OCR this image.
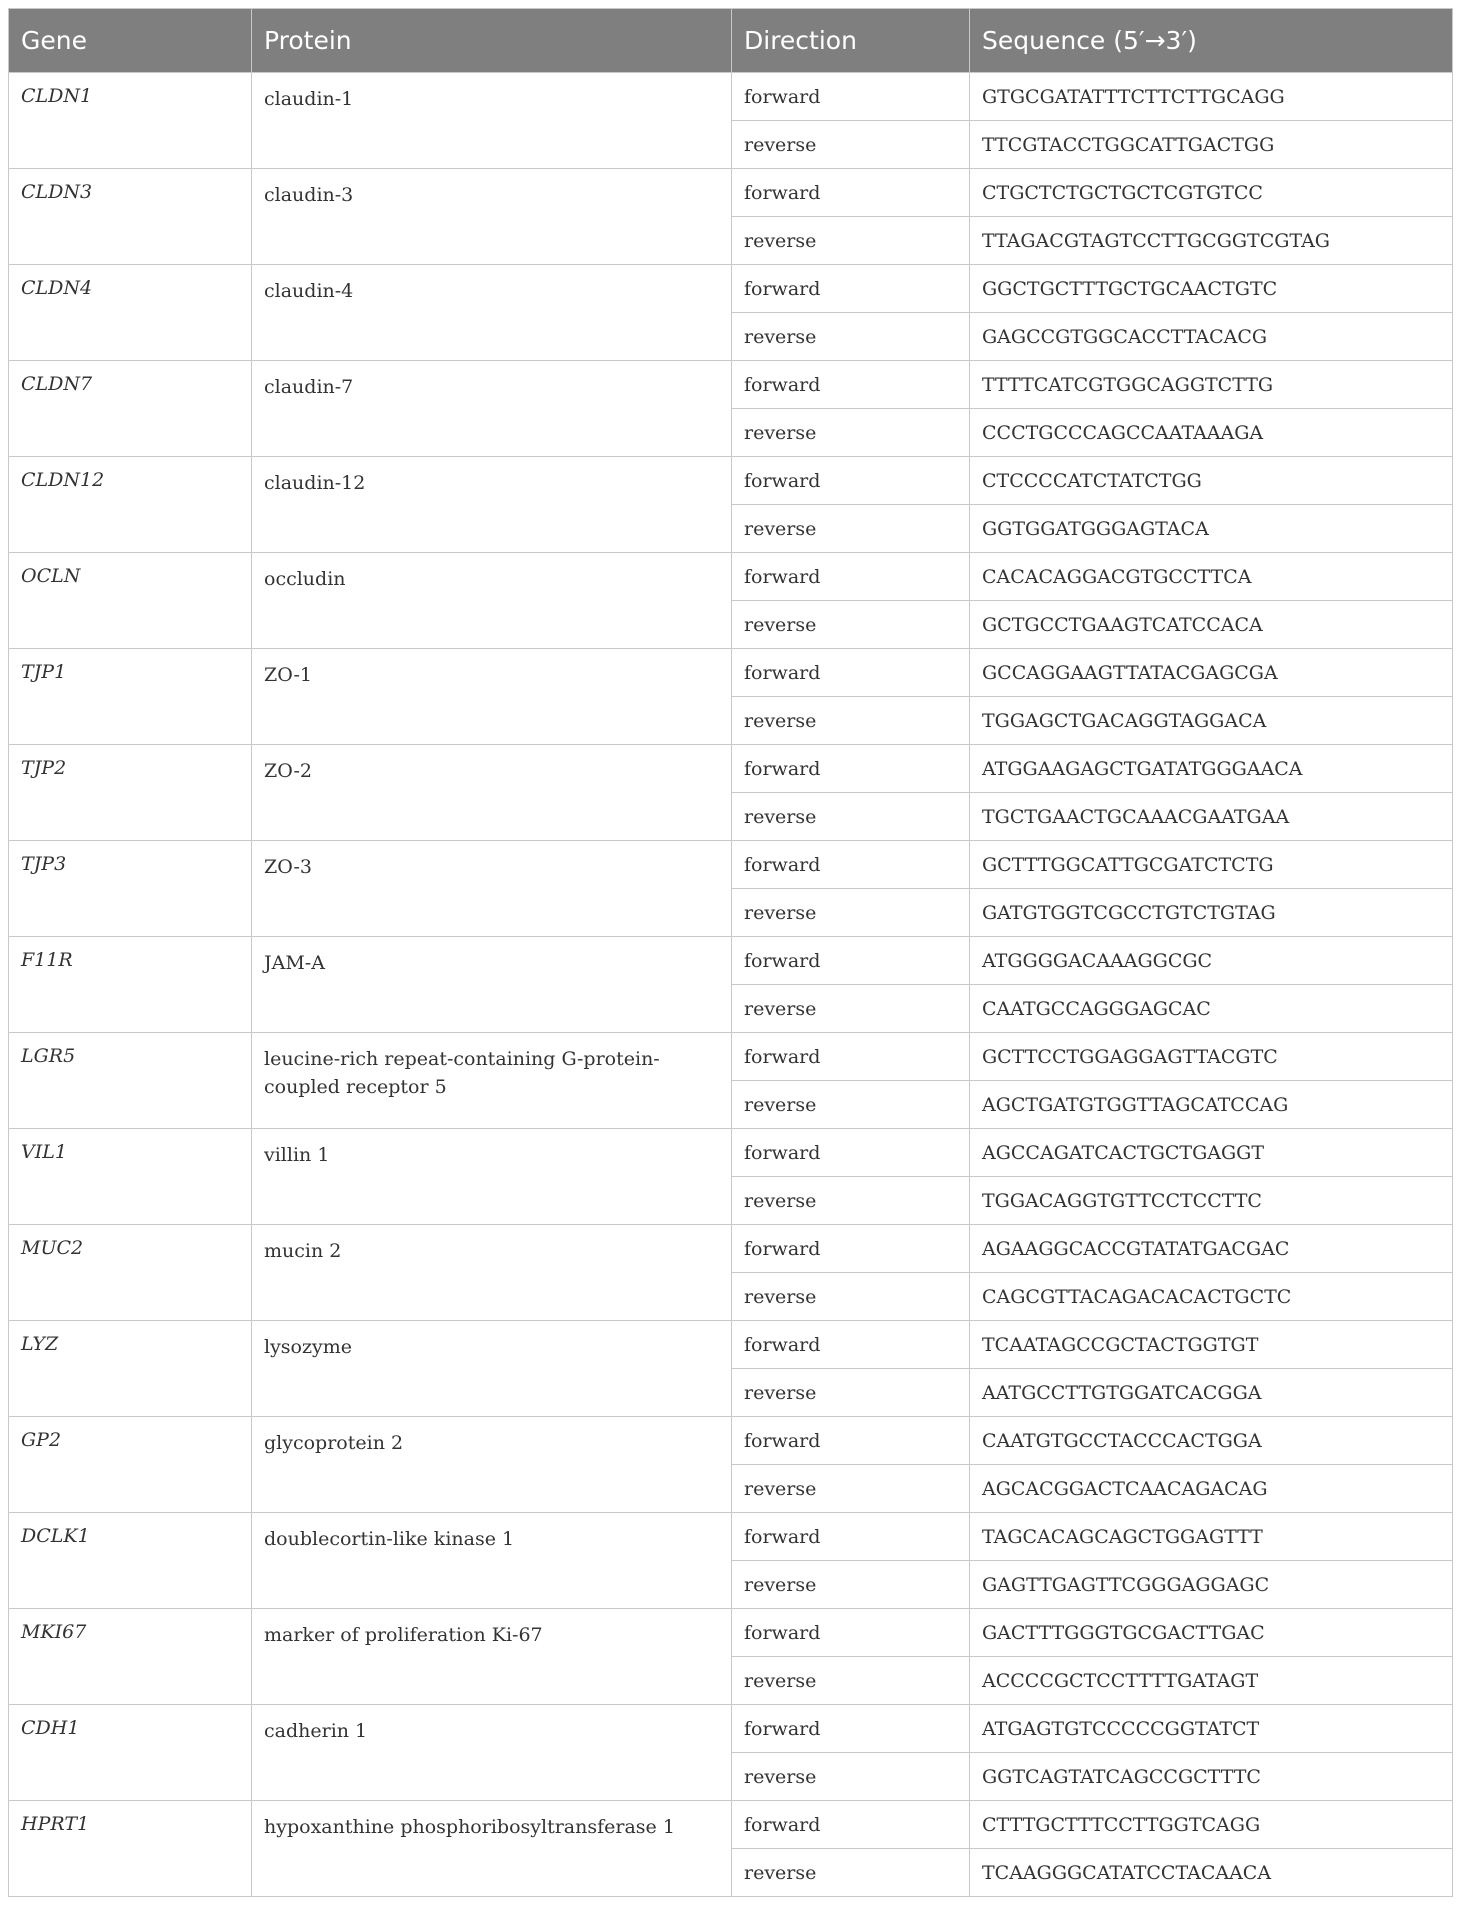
Gene	Protein	Direction	Sequence (5′→3′)
CLDN1	claudin-1	forward	GTGCGATATTTCTTCTTGCAGG
		reverse	TTCGTACCTGGCATTGACTGG
CLDN3	claudin-3	forward	CTGCTCTGCTGCTCGTGTCC
		reverse	TTAGACGTAGTCCTTGCGGTCGTAG
CLDN4	claudin-4	forward	GGCTGCTTTGCTGCAACTGTC
		reverse	GAGCCGTGGCACCTTACACG
CLDN7	claudin-7	forward	TTTTCATCGTGGCAGGTCTTG
		reverse	CCCTGCCCAGCCAATAAAGA
CLDN12	claudin-12	forward	CTCCCCATCTATCTGG
		reverse	GGTGGATGGGAGTACA
OCLN	occludin	forward	CACACAGGACGTGCCTTCA
		reverse	GCTGCCTGAAGTCATCCACA
TJP1	ZO-1	forward	GCCAGGAAGTTATACGAGCGA
		reverse	TGGAGCTGACAGGTAGGACA
TJP2	ZO-2	forward	ATGGAAGAGCTGATATGGGAACA
		reverse	TGCTGAACTGCAAACGAATGAA
TJP3	ZO-3	forward	GCTTTGGCATTGCGATCTCTG
		reverse	GATGTGGTCGCCTGTCTGTAG
F11R	JAM-A	forward	ATGGGGACAAAGGCGC
		reverse	CAATGCCAGGGAGCAC
LGR5	leucine-rich repeat-containing G-protein-coupled receptor 5	forward	GCTTCCTGGAGGAGTTACGTC
		reverse	AGCTGATGTGGTTAGCATCCAG
VIL1	villin 1	forward	AGCCAGATCACTGCTGAGGT
		reverse	TGGACAGGTGTTCCTCCTTC
MUC2	mucin 2	forward	AGAAGGCACCGTATATGACGAC
		reverse	CAGCGTTACAGACACACTGCTC
LYZ	lysozyme	forward	TCAATAGCCGCTACTGGTGT
		reverse	AATGCCTTGTGGATCACGGA
GP2	glycoprotein 2	forward	CAATGTGCCTACCCACTGGA
		reverse	AGCACGGACTCAACAGACAG
DCLK1	doublecortin-like kinase 1	forward	TAGCACAGCAGCTGGAGTTT
		reverse	GAGTTGAGTTCGGGAGGAGC
MKI67	marker of proliferation Ki-67	forward	GACTTTGGGTGCGACTTGAC
		reverse	ACCCCGCTCCTTTTGATAGT
CDH1	cadherin 1	forward	ATGAGTGTCCCCCGGTATCT
		reverse	GGTCAGTATCAGCCGCTTTC
HPRT1	hypoxanthine phosphoribosyltransferase 1	forward	CTTTGCTTTCCTTGGTCAGG
		reverse	TCAAGGGCATATCCTACAACA
